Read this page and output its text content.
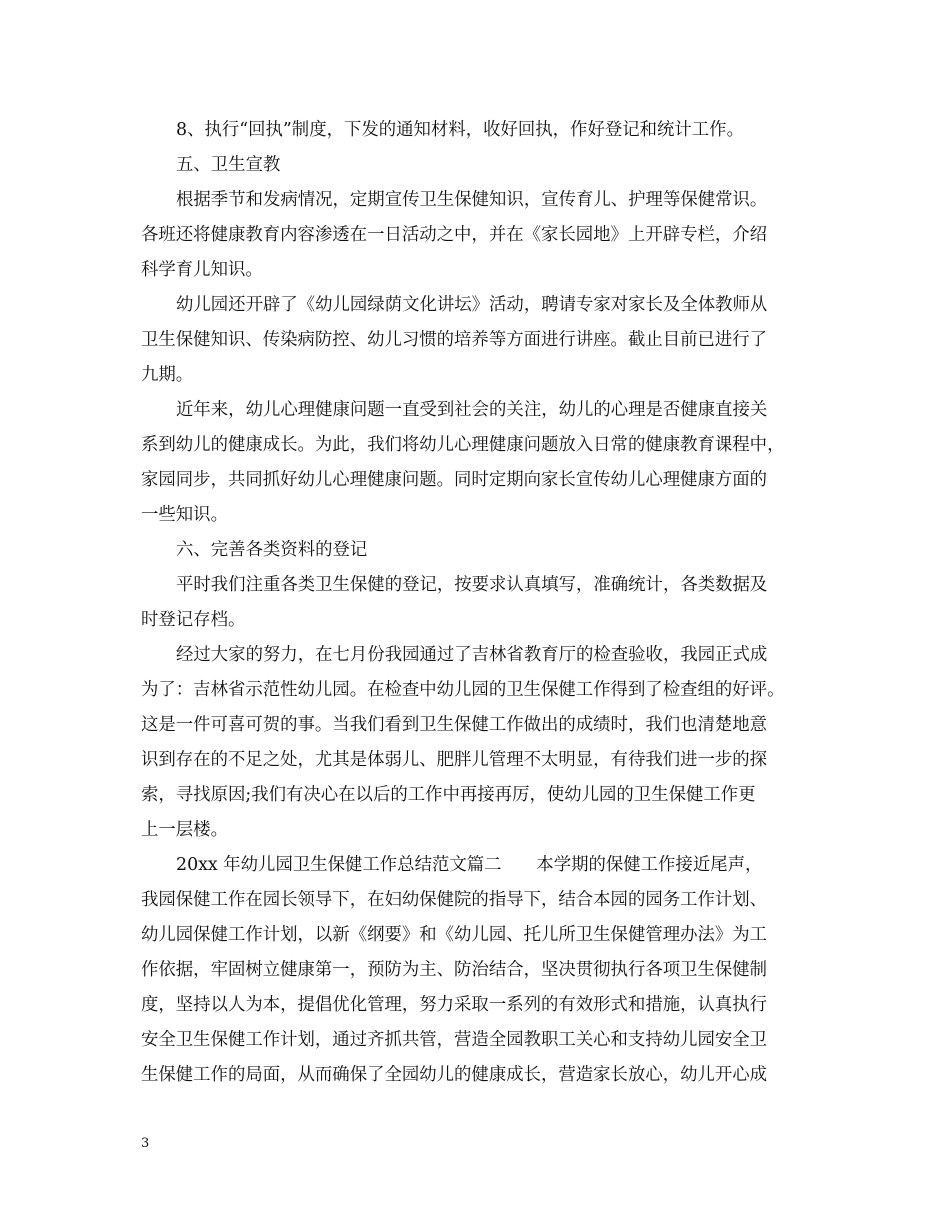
8、执行“回执”制度，下发的通知材料，收好回执，作好登记和统计工作。
五、卫生宣教
根据季节和发病情况，定期宣传卫生保健知识，宣传育儿、护理等保健常识。
各班还将健康教育内容渗透在一日活动之中，并在《家长园地》上开辟专栏，介绍
科学育儿知识。
幼儿园还开辟了《幼儿园绿荫文化讲坛》活动，聘请专家对家长及全体教师从
卫生保健知识、传染病防控、幼儿习惯的培养等方面进行讲座。截止目前已进行了
九期。
近年来，幼儿心理健康问题一直受到社会的关注，幼儿的心理是否健康直接关
系到幼儿的健康成长。为此，我们将幼儿心理健康问题放入日常的健康教育课程中，
家园同步，共同抓好幼儿心理健康问题。同时定期向家长宣传幼儿心理健康方面的
一些知识。
六、完善各类资料的登记
平时我们注重各类卫生保健的登记，按要求认真填写，准确统计，各类数据及
时登记存档。
经过大家的努力，在七月份我园通过了吉林省教育厅的检查验收，我园正式成
为了：吉林省示范性幼儿园。在检查中幼儿园的卫生保健工作得到了检查组的好评。
这是一件可喜可贺的事。当我们看到卫生保健工作做出的成绩时，我们也清楚地意
识到存在的不足之处，尤其是体弱儿、肥胖儿管理不太明显，有待我们进一步的探
索，寻找原因;我们有决心在以后的工作中再接再厉，使幼儿园的卫生保健工作更
上一层楼。
20xx 年幼儿园卫生保健工作总结范文篇二　　本学期的保健工作接近尾声，
我园保健工作在园长领导下，在妇幼保健院的指导下，结合本园的园务工作计划、
幼儿园保健工作计划，以新《纲要》和《幼儿园、托儿所卫生保健管理办法》为工
作依据，牢固树立健康第一，预防为主、防治结合，坚决贯彻执行各项卫生保健制
度，坚持以人为本，提倡优化管理，努力采取一系列的有效形式和措施，认真执行
安全卫生保健工作计划，通过齐抓共管，营造全园教职工关心和支持幼儿园安全卫
生保健工作的局面，从而确保了全园幼儿的健康成长，营造家长放心，幼儿开心成
3
